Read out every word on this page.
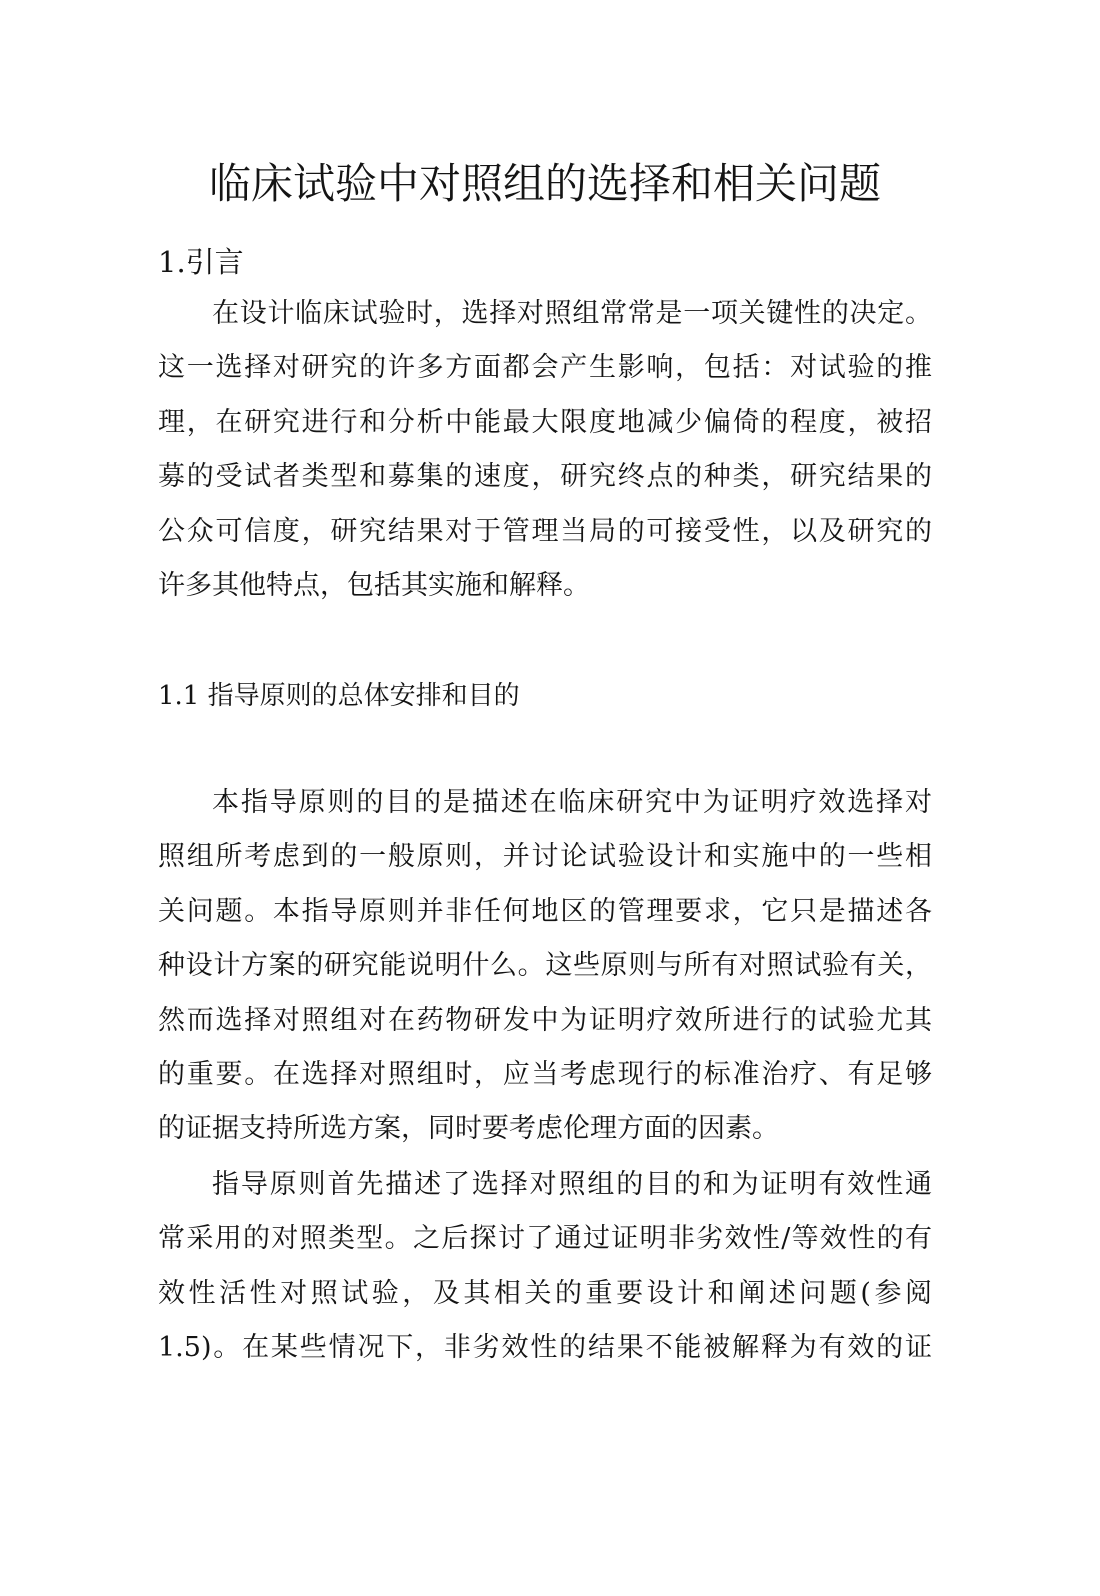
临床试验中对照组的选择和相关问题
1.引言

在设计临床试验时，选择对照组常常是一项关键性的决定。
这一选择对研究的许多方面都会产生影响，包括：对试验的推
理，在研究进行和分析中能最大限度地减少偏倚的程度，被招
募的受试者类型和募集的速度，研究终点的种类，研究结果的
公众可信度，研究结果对于管理当局的可接受性，以及研究的
许多其他特点，包括其实施和解释。

1.1 指导原则的总体安排和目的

本指导原则的目的是描述在临床研究中为证明疗效选择对
照组所考虑到的一般原则，并讨论试验设计和实施中的一些相
关问题。本指导原则并非任何地区的管理要求，它只是描述各
种设计方案的研究能说明什么。这些原则与所有对照试验有关，
然而选择对照组对在药物研发中为证明疗效所进行的试验尤其
的重要。在选择对照组时，应当考虑现行的标准治疗、有足够
的证据支持所选方案，同时要考虑伦理方面的因素。

指导原则首先描述了选择对照组的目的和为证明有效性通
常采用的对照类型。之后探讨了通过证明非劣效性/等效性的有
效性活性对照试验，及其相关的重要设计和阐述问题(参阅
1.5)。在某些情况下，非劣效性的结果不能被解释为有效的证
